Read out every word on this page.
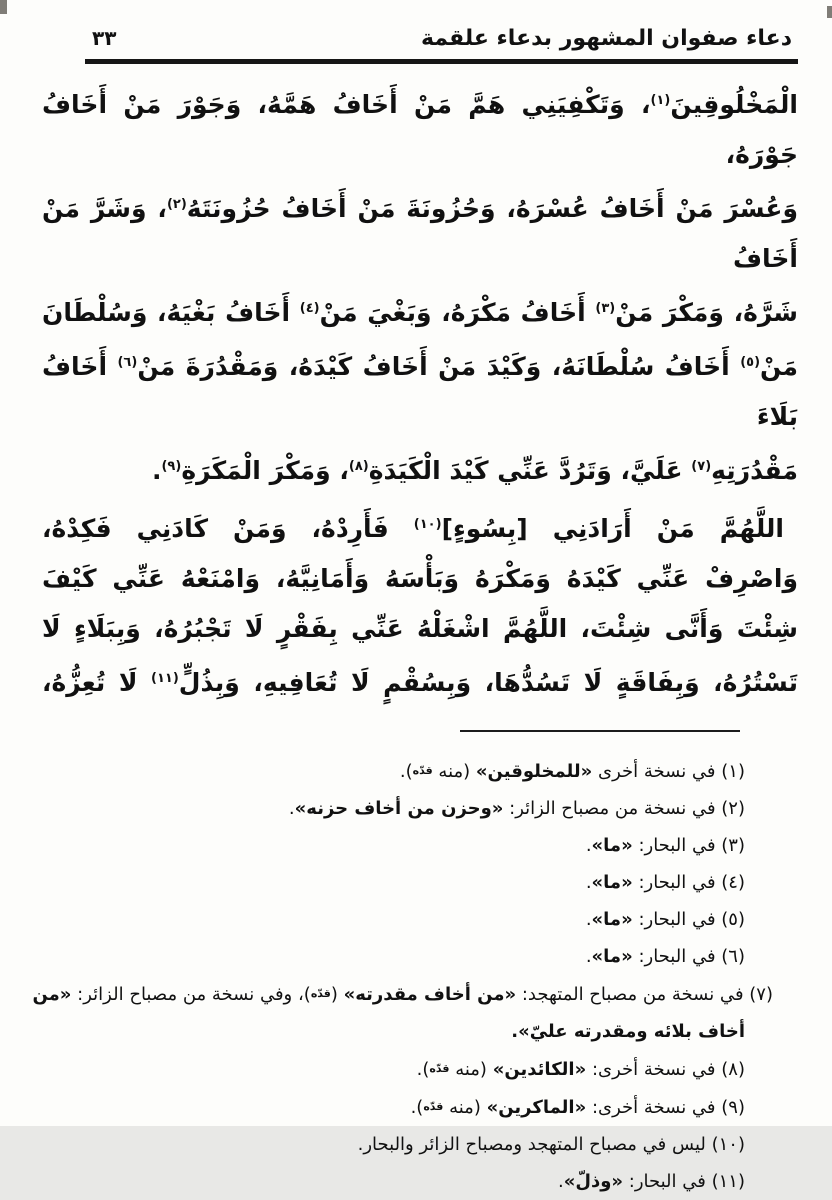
دعاء صفوان المشهور بدعاء علقمة
٣٣
الْمَخْلُوقِينَ$^{(١)}$، وَتَكْفِيَنِي هَمَّ مَنْ أَخَافُ هَمَّهُ، وَجَوْرَ مَنْ أَخَافُ جَوْرَهُ،
وَعُسْرَ مَنْ أَخَافُ عُسْرَهُ، وَحُزُونَةَ مَنْ أَخَافُ حُزُونَتَهُ$^{(٢)}$، وَشَرَّ مَنْ أَخَافُ
شَرَّهُ، وَمَكْرَ مَنْ$^{(٣)}$ أَخَافُ مَكْرَهُ، وَبَغْيَ مَنْ$^{(٤)}$ أَخَافُ بَغْيَهُ، وَسُلْطَانَ
مَنْ$^{(٥)}$ أَخَافُ سُلْطَانَهُ، وَكَيْدَ مَنْ أَخَافُ كَيْدَهُ، وَمَقْدُرَةَ مَنْ$^{(٦)}$ أَخَافُ بَلَاءَ
مَقْدُرَتِهِ$^{(٧)}$ عَلَيَّ، وَتَرُدَّ عَنِّي كَيْدَ الْكَيَدَةِ$^{(٨)}$، وَمَكْرَ الْمَكَرَةِ$^{(٩)}$.
اللَّهُمَّ مَنْ أَرَادَنِي [بِسُوءٍ]$^{(١٠)}$ فَأَرِدْهُ، وَمَنْ كَادَنِي فَكِدْهُ،
وَاصْرِفْ عَنِّي كَيْدَهُ وَمَكْرَهُ وَبَأْسَهُ وَأَمَانِيَّهُ، وَامْنَعْهُ عَنِّي كَيْفَ
شِئْتَ وَأَنَّى شِئْتَ، اللَّهُمَّ اشْغَلْهُ عَنِّي بِفَقْرٍ لَا تَجْبُرُهُ، وَبِبَلَاءٍ لَا
تَسْتُرُهُ، وَبِفَاقَةٍ لَا تَسُدُّهَا، وَبِسُقْمٍ لَا تُعَافِيهِ، وَبِذُلٍّ$^{(١١)}$ لَا تُعِزُّهُ،
(١) في نسخة أخرى «للمخلوقين» (منه قدّه).
(٢) في نسخة من مصباح الزائر: «وحزن من أخاف حزنه».
(٣) في البحار: «ما».
(٤) في البحار: «ما».
(٥) في البحار: «ما».
(٦) في البحار: «ما».
(٧) في نسخة من مصباح المتهجد: «من أخاف مقدرته» (قدّه)، وفي نسخة من مصباح الزائر: «من
أخاف بلائه ومقدرته عليّ».
(٨) في نسخة أخرى: «الكائدين» (منه قدّه).
(٩) في نسخة أخرى: «الماكرين» (منه قدّه).
(١٠) ليس في مصباح المتهجد ومصباح الزائر والبحار.
(١١) في البحار: «وذلّ».
